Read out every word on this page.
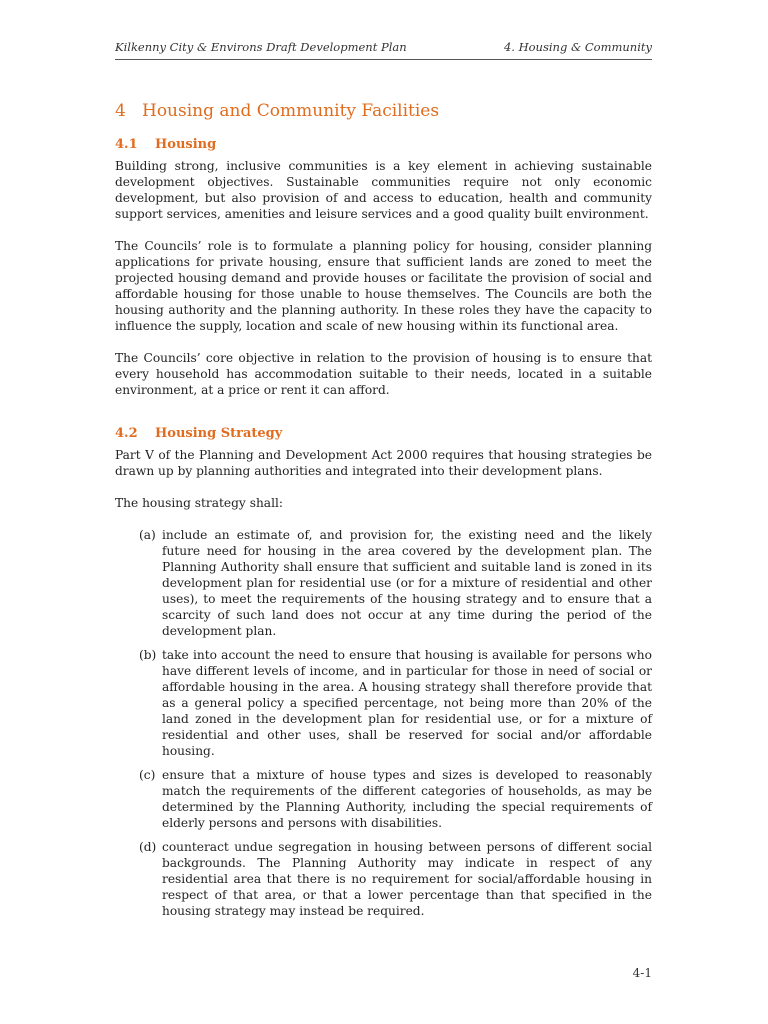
Kilkenny City & Environs Draft Development Plan	4. Housing & Community
4 Housing and Community Facilities
4.1	Housing

Building strong, inclusive communities is a key element in achieving sustainable development objectives. Sustainable communities require not only economic development, but also provision of and access to education, health and community support services, amenities and leisure services and a good quality built environment.

The Councils’ role is to formulate a planning policy for housing, consider planning applications for private housing, ensure that sufficient lands are zoned to meet the projected housing demand and provide houses or facilitate the provision of social and affordable housing for those unable to house themselves. The Councils are both the housing authority and the planning authority. In these roles they have the capacity to influence the supply, location and scale of new housing within its functional area.

The Councils’ core objective in relation to the provision of housing is to ensure that every household has accommodation suitable to their needs, located in a suitable environment, at a price or rent it can afford.

4.2	Housing Strategy

Part V of the Planning and Development Act 2000 requires that housing strategies be drawn up by planning authorities and integrated into their development plans.

The housing strategy shall:

(a) include an estimate of, and provision for, the existing need and the likely future need for housing in the area covered by the development plan. The Planning Authority shall ensure that sufficient and suitable land is zoned in its development plan for residential use (or for a mixture of residential and other uses), to meet the requirements of the housing strategy and to ensure that a scarcity of such land does not occur at any time during the period of the development plan.
(b) take into account the need to ensure that housing is available for persons who have different levels of income, and in particular for those in need of social or affordable housing in the area. A housing strategy shall therefore provide that as a general policy a specified percentage, not being more than 20% of the land zoned in the development plan for residential use, or for a mixture of residential and other uses, shall be reserved for social and/or affordable housing.
(c) ensure that a mixture of house types and sizes is developed to reasonably match the requirements of the different categories of households, as may be determined by the Planning Authority, including the special requirements of elderly persons and persons with disabilities.
(d) counteract undue segregation in housing between persons of different social backgrounds. The Planning Authority may indicate in respect of any residential area that there is no requirement for social/affordable housing in respect of that area, or that a lower percentage than that specified in the housing strategy may instead be required.
4-1
